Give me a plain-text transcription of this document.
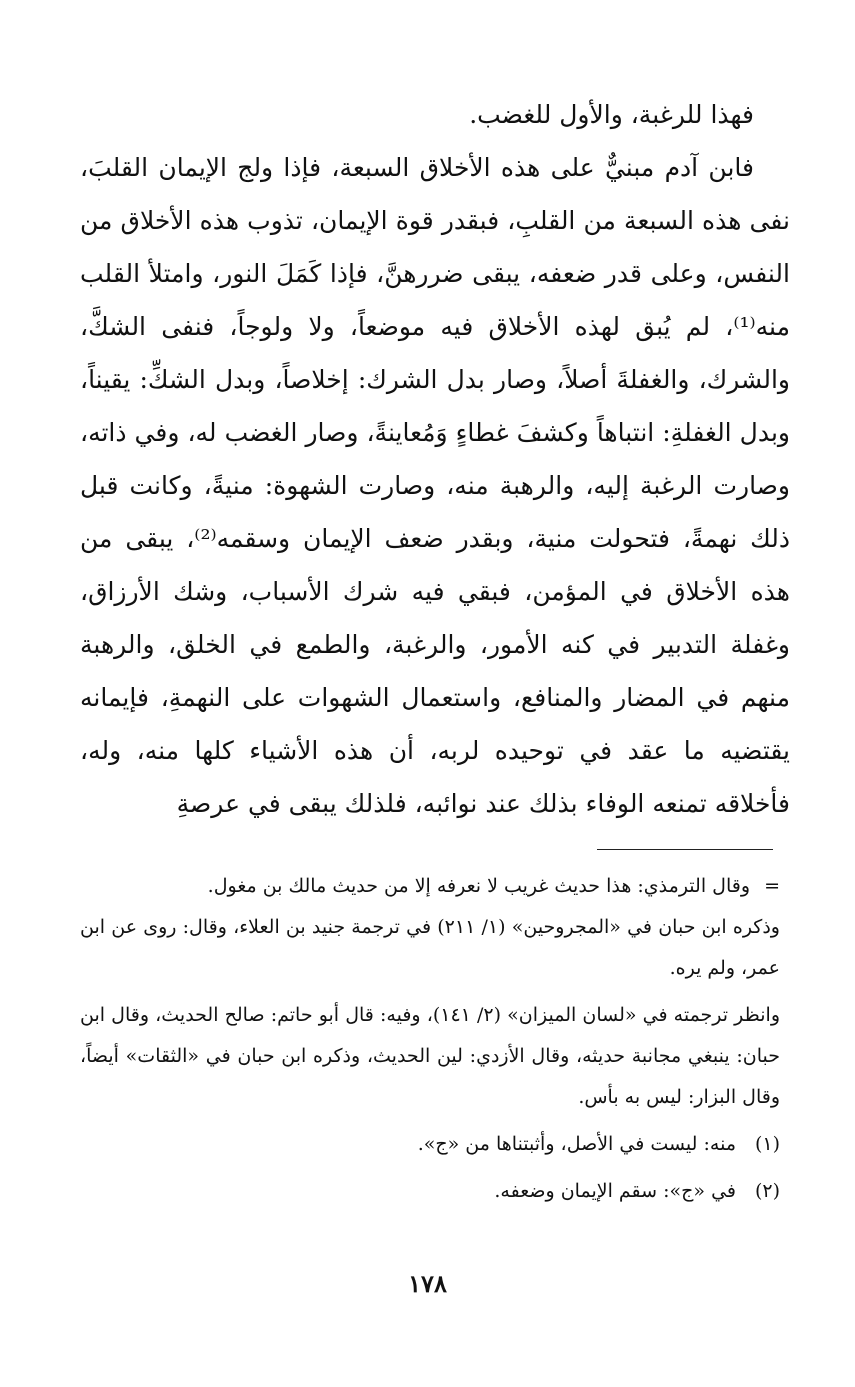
فهذا للرغبة، والأول للغضب.

فابن آدم مبنيٌّ على هذه الأخلاق السبعة، فإذا ولج الإيمان القلبَ، نفى هذه السبعة من القلبِ، فبقدر قوة الإيمان، تذوب هذه الأخلاق من النفس، وعلى قدر ضعفه، يبقى ضررهنَّ، فإذا كَمَلَ النور، وامتلأ القلب منه⁽¹⁾، لم يُبق لهذه الأخلاق فيه موضعاً، ولا ولوجاً، فنفى الشكَّ، والشرك، والغفلةَ أصلاً، وصار بدل الشرك: إخلاصاً، وبدل الشكِّ: يقيناً، وبدل الغفلةِ: انتباهاً وكشفَ غطاءٍ وَمُعاينةً، وصار الغضب له، وفي ذاته، وصارت الرغبة إليه، والرهبة منه، وصارت الشهوة: منيةً، وكانت قبل ذلك نهمةً، فتحولت منية، وبقدر ضعف الإيمان وسقمه⁽²⁾، يبقى من هذه الأخلاق في المؤمن، فبقي فيه شرك الأسباب، وشك الأرزاق، وغفلة التدبير في كنه الأمور، والرغبة، والطمع في الخلق، والرهبة منهم في المضار والمنافع، واستعمال الشهوات على النهمةِ، فإيمانه يقتضيه ما عقد في توحيده لربه، أن هذه الأشياء كلها منه، وله، فأخلاقه تمنعه الوفاء بذلك عند نوائبه، فلذلك يبقى في عرصةِ

=
وقال الترمذي: هذا حديث غريب لا نعرفه إلا من حديث مالك بن مغول.
وذكره ابن حبان في «المجروحين» (١/ ٢١١) في ترجمة جنيد بن العلاء، وقال: روى عن ابن عمر، ولم يره.
وانظر ترجمته في «لسان الميزان» (٢/ ١٤١)، وفيه: قال أبو حاتم: صالح الحديث، وقال ابن حبان: ينبغي مجانبة حديثه، وقال الأزدي: لين الحديث، وذكره ابن حبان في «الثقات» أيضاً، وقال البزار: ليس به بأس.
(١)
منه: ليست في الأصل، وأثبتناها من «ج».
(٢)
في «ج»: سقم الإيمان وضعفه.
١٧٨
